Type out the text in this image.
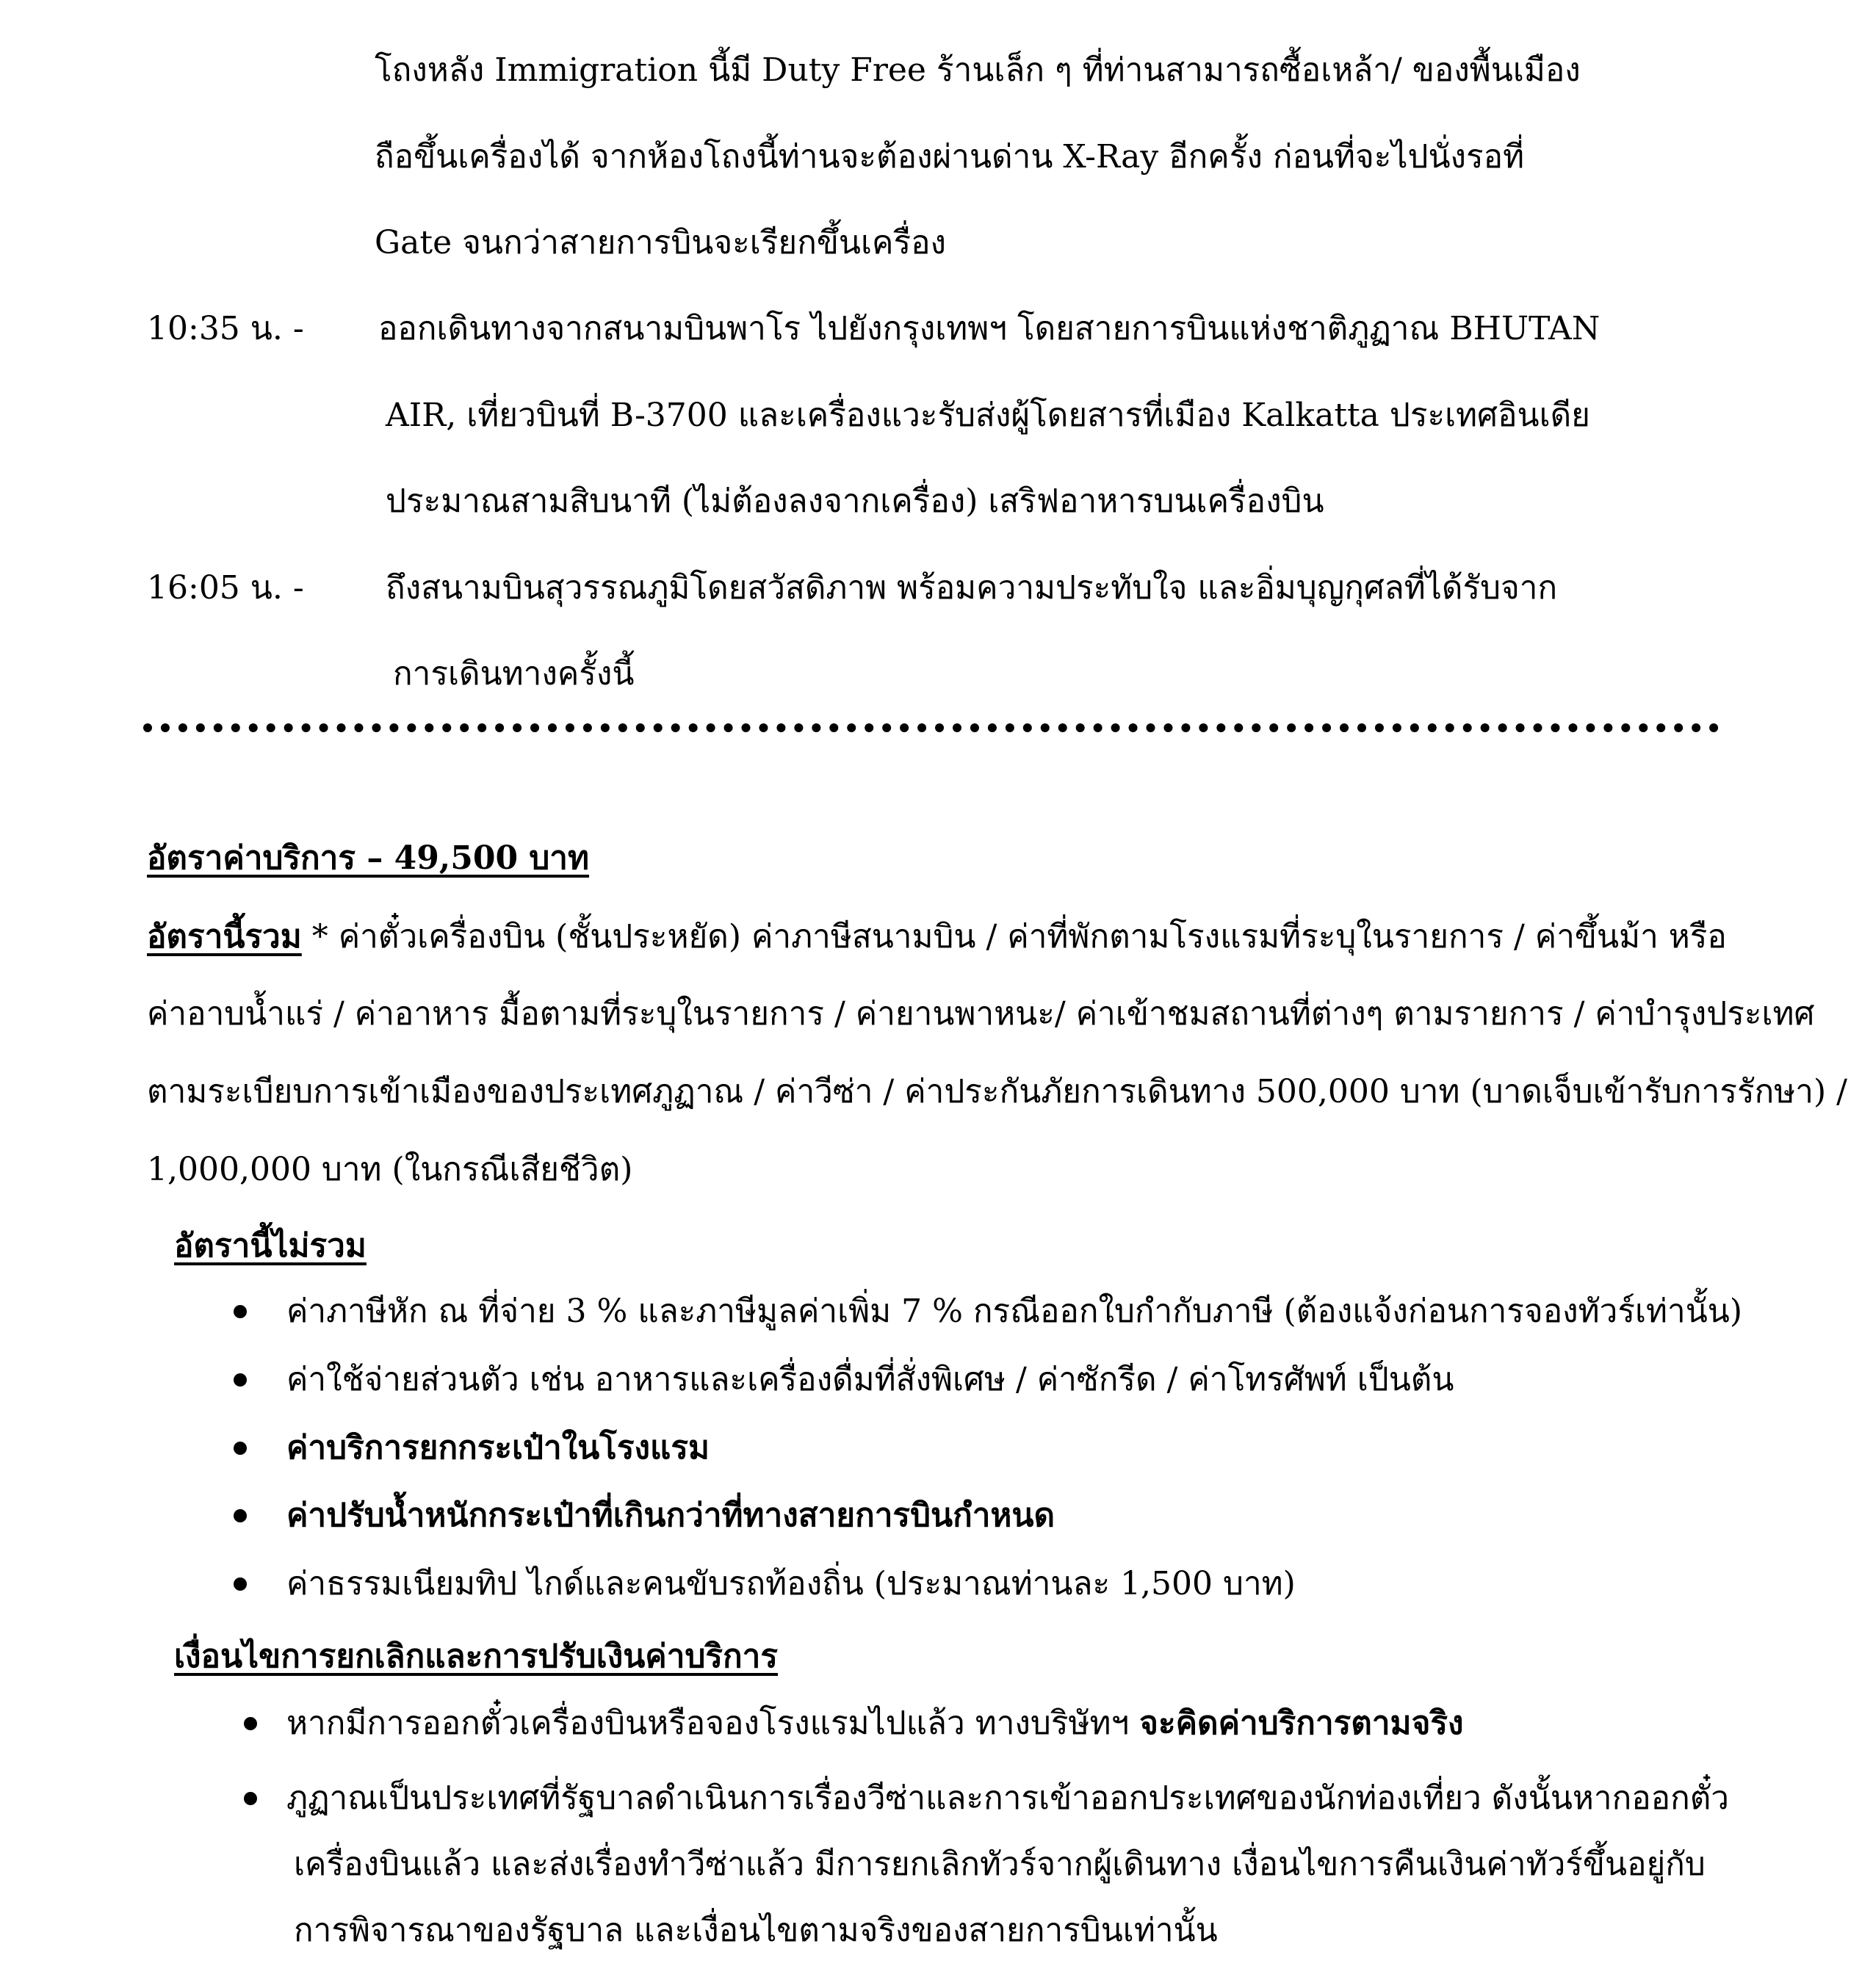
โถงหลัง Immigration นี้มี Duty Free ร้านเล็ก ๆ ที่ท่านสามารถซื้อเหล้า/ ของพื้นเมือง
ถือขึ้นเครื่องได้ จากห้องโถงนี้ท่านจะต้องผ่านด่าน X-Ray อีกครั้ง ก่อนที่จะไปนั่งรอที่
Gate จนกว่าสายการบินจะเรียกขึ้นเครื่อง
10:35 น. - ออกเดินทางจากสนามบินพาโร ไปยังกรุงเทพฯ โดยสายการบินแห่งชาติภูฏาณ BHUTAN
AIR, เที่ยวบินที่ B-3700 และเครื่องแวะรับส่งผู้โดยสารที่เมือง Kalkatta ประเทศอินเดีย
ประมาณสามสิบนาที (ไม่ต้องลงจากเครื่อง) เสริฟอาหารบนเครื่องบิน
16:05 น. -	ถึงสนามบินสุวรรณภูมิโดยสวัสดิภาพ พร้อมความประทับใจ และอิ่มบุญกุศลที่ได้รับจาก
การเดินทางครั้งนี้
อัตราค่าบริการ – 49,500 บาท
อัตรานี้รวม * ค่าตั๋วเครื่องบิน (ชั้นประหยัด) ค่าภาษีสนามบิน / ค่าที่พักตามโรงแรมที่ระบุในรายการ / ค่าขึ้นม้า หรือ
ค่าอาบน้ำแร่ / ค่าอาหาร มื้อตามที่ระบุในรายการ / ค่ายานพาหนะ/ ค่าเข้าชมสถานที่ต่างๆ ตามรายการ / ค่าบำรุงประเทศ
ตามระเบียบการเข้าเมืองของประเทศภูฏาณ / ค่าวีซ่า / ค่าประกันภัยการเดินทาง 500,000 บาท (บาดเจ็บเข้ารับการรักษา) /
1,000,000 บาท (ในกรณีเสียชีวิต)
อัตรานี้ไม่รวม
ค่าภาษีหัก ณ ที่จ่าย 3 % และภาษีมูลค่าเพิ่ม 7 % กรณีออกใบกำกับภาษี (ต้องแจ้งก่อนการจองทัวร์เท่านั้น)
ค่าใช้จ่ายส่วนตัว เช่น อาหารและเครื่องดื่มที่สั่งพิเศษ / ค่าซักรีด / ค่าโทรศัพท์ เป็นต้น
ค่าบริการยกกระเป๋าในโรงแรม
ค่าปรับน้ำหนักกระเป๋าที่เกินกว่าที่ทางสายการบินกำหนด
ค่าธรรมเนียมทิป ไกด์และคนขับรถท้องถิ่น (ประมาณท่านละ 1,500 บาท)
เงื่อนไขการยกเลิกและการปรับเงินค่าบริการ
หากมีการออกตั๋วเครื่องบินหรือจองโรงแรมไปแล้ว ทางบริษัทฯ จะคิดค่าบริการตามจริง
ภูฏาณเป็นประเทศที่รัฐบาลดำเนินการเรื่องวีซ่าและการเข้าออกประเทศของนักท่องเที่ยว ดังนั้นหากออกตั๋ว
เครื่องบินแล้ว และส่งเรื่องทำวีซ่าแล้ว มีการยกเลิกทัวร์จากผู้เดินทาง เงื่อนไขการคืนเงินค่าทัวร์ขึ้นอยู่กับ
การพิจารณาของรัฐบาล และเงื่อนไขตามจริงของสายการบินเท่านั้น
